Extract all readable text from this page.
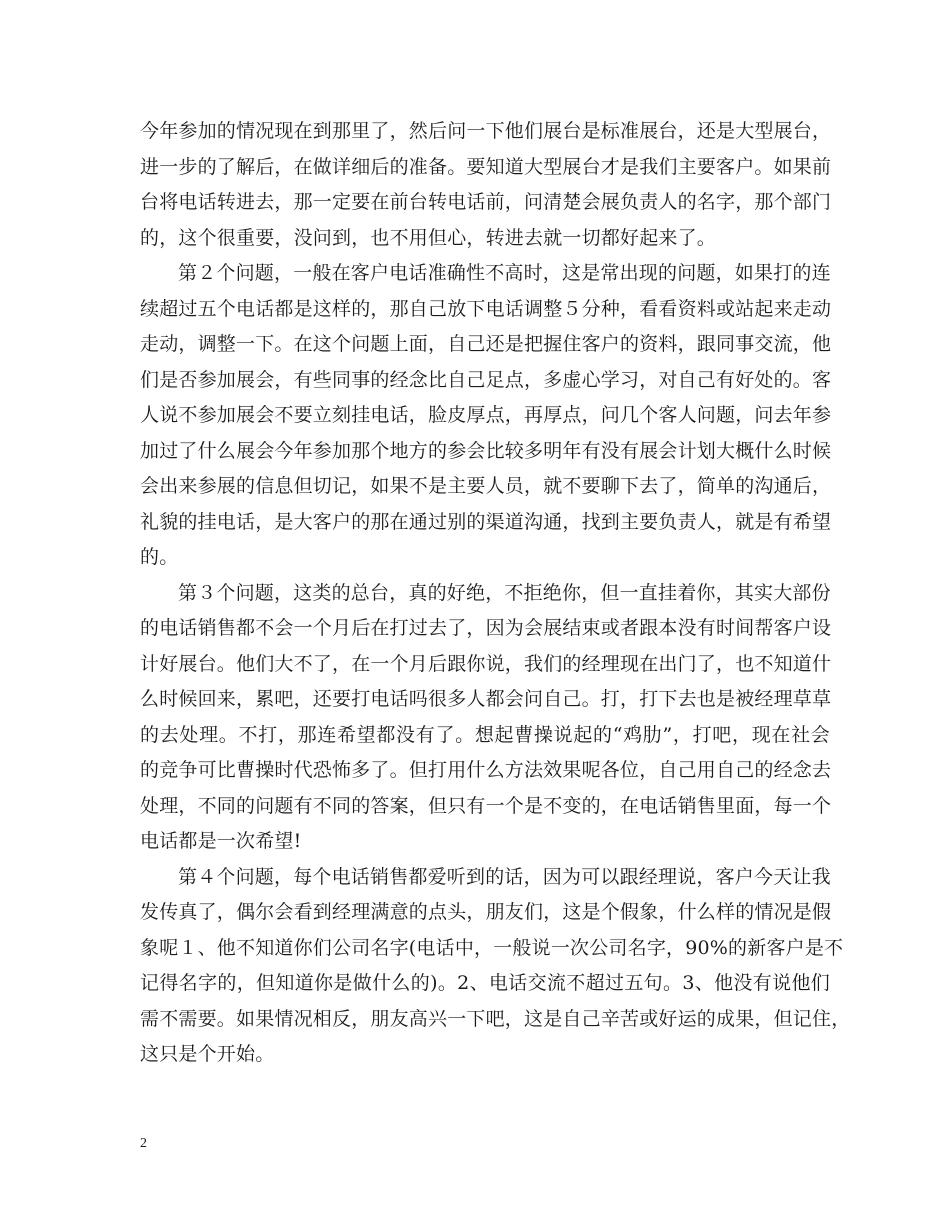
今年参加的情况现在到那里了，然后问一下他们展台是标准展台，还是大型展台，
进一步的了解后，在做详细后的准备。要知道大型展台才是我们主要客户。如果前
台将电话转进去，那一定要在前台转电话前，问清楚会展负责人的名字，那个部门
的，这个很重要，没问到，也不用但心，转进去就一切都好起来了。
第２个问题，一般在客户电话准确性不高时，这是常出现的问题，如果打的连
续超过五个电话都是这样的，那自己放下电话调整５分种，看看资料或站起来走动
走动，调整一下。在这个问题上面，自己还是把握住客户的资料，跟同事交流，他
们是否参加展会，有些同事的经念比自己足点，多虚心学习，对自己有好处的。客
人说不参加展会不要立刻挂电话，脸皮厚点，再厚点，问几个客人问题，问去年参
加过了什么展会今年参加那个地方的参会比较多明年有没有展会计划大概什么时候
会出来参展的信息但切记，如果不是主要人员，就不要聊下去了，简单的沟通后，
礼貌的挂电话，是大客户的那在通过别的渠道沟通，找到主要负责人，就是有希望
的。
第３个问题，这类的总台，真的好绝，不拒绝你，但一直挂着你，其实大部份
的电话销售都不会一个月后在打过去了，因为会展结束或者跟本没有时间帮客户设
计好展台。他们大不了，在一个月后跟你说，我们的经理现在出门了，也不知道什
么时候回来，累吧，还要打电话吗很多人都会问自己。打，打下去也是被经理草草
的去处理。不打，那连希望都没有了。想起曹操说起的“鸡肋”，打吧，现在社会
的竞争可比曹操时代恐怖多了。但打用什么方法效果呢各位，自己用自己的经念去
处理，不同的问题有不同的答案，但只有一个是不变的，在电话销售里面，每一个
电话都是一次希望!
第４个问题，每个电话销售都爱听到的话，因为可以跟经理说，客户今天让我
发传真了，偶尔会看到经理满意的点头，朋友们，这是个假象，什么样的情况是假
象呢１、他不知道你们公司名字(电话中，一般说一次公司名字，90%的新客户是不
记得名字的，但知道你是做什么的)。2、电话交流不超过五句。3、他没有说他们
需不需要。如果情况相反，朋友高兴一下吧，这是自己辛苦或好运的成果，但记住，
这只是个开始。
2
